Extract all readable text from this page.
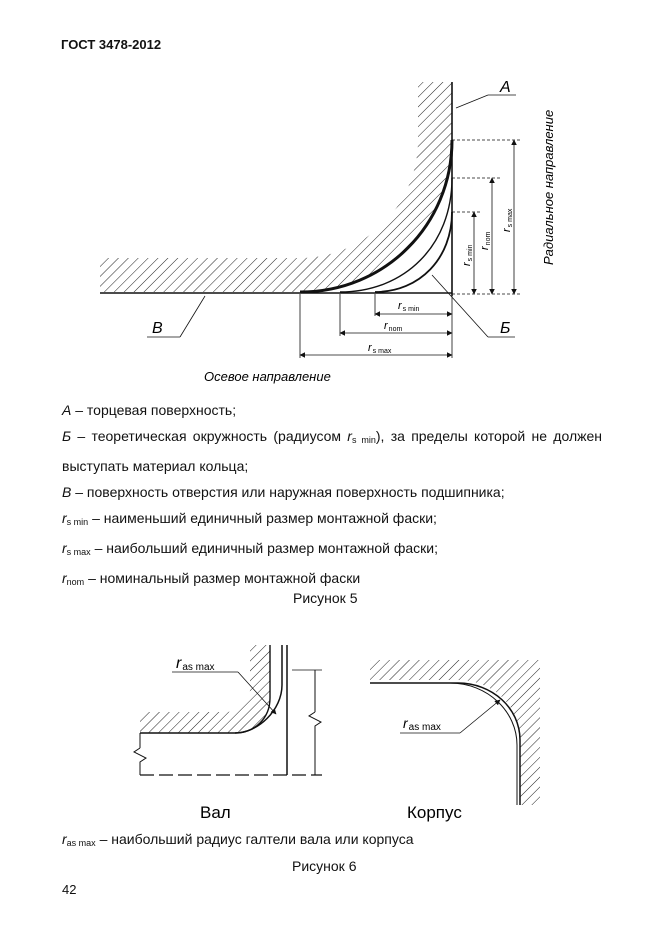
ГОСТ 3478-2012
А
Б
В
rs min
rnom
rs max
rs min rnom
rs max Радиальное направление
Осевое направление
А – торцевая поверхность;
Б – теоретическая окружность (радиусом $r_{s min}$), за пределы которой не должен выступать материал кольца;
В – поверхность отверстия или наружная поверхность подшипника;
$r_{s min}$ – наименьший единичный размер монтажной фаски;
$r_{s max}$ – наибольший единичный размер монтажной фаски;
$r_{nom}$ – номинальный размер монтажной фаски
Рисунок 5
ras max
Вал
ras max
Корпус
$r_{as max}$ – наибольший радиус галтели вала или корпуса
Рисунок 6
42
